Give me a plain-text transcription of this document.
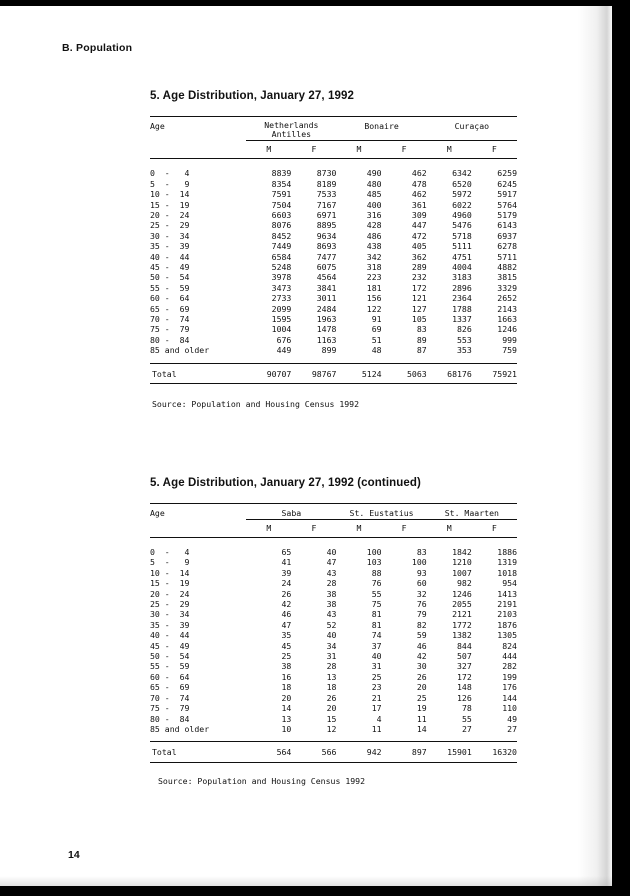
B. Population
5. Age Distribution, January 27, 1992
Age	Netherlands
Antilles		Bonaire		Curaçao	
	M	F	M	F	M	F

0  -   4	8839	8730	490	462	6342	6259
5  -   9	8354	8189	480	478	6520	6245
10 -  14	7591	7533	485	462	5972	5917
15 -  19	7504	7167	400	361	6022	5764
20 -  24	6603	6971	316	309	4960	5179
25 -  29	8076	8895	428	447	5476	6143
30 -  34	8452	9634	486	472	5718	6937
35 -  39	7449	8693	438	405	5111	6278
40 -  44	6584	7477	342	362	4751	5711
45 -  49	5248	6075	318	289	4004	4882
50 -  54	3978	4564	223	232	3183	3815
55 -  59	3473	3841	181	172	2896	3329
60 -  64	2733	3011	156	121	2364	2652
65 -  69	2099	2484	122	127	1788	2143
70 -  74	1595	1963	91	105	1337	1663
75 -  79	1004	1478	69	83	826	1246
80 -  84	676	1163	51	89	553	999
85 and older	449	899	48	87	353	759

Total	90707	98767	5124	5063	68176	75921
Source: Population and Housing Census 1992
5. Age Distribution, January 27, 1992 (continued)
Age	Saba		St. Eustatius		St. Maarten	
	M	F	M	F	M	F

0  -   4	65	40	100	83	1842	1886
5  -   9	41	47	103	100	1210	1319
10 -  14	39	43	88	93	1007	1018
15 -  19	24	28	76	60	982	954
20 -  24	26	38	55	32	1246	1413
25 -  29	42	38	75	76	2055	2191
30 -  34	46	43	81	79	2121	2103
35 -  39	47	52	81	82	1772	1876
40 -  44	35	40	74	59	1382	1305
45 -  49	45	34	37	46	844	824
50 -  54	25	31	40	42	507	444
55 -  59	38	28	31	30	327	282
60 -  64	16	13	25	26	172	199
65 -  69	18	18	23	20	148	176
70 -  74	20	26	21	25	126	144
75 -  79	14	20	17	19	78	110
80 -  84	13	15	4	11	55	49
85 and older	10	12	11	14	27	27

Total	564	566	942	897	15901	16320
Source: Population and Housing Census 1992
14
